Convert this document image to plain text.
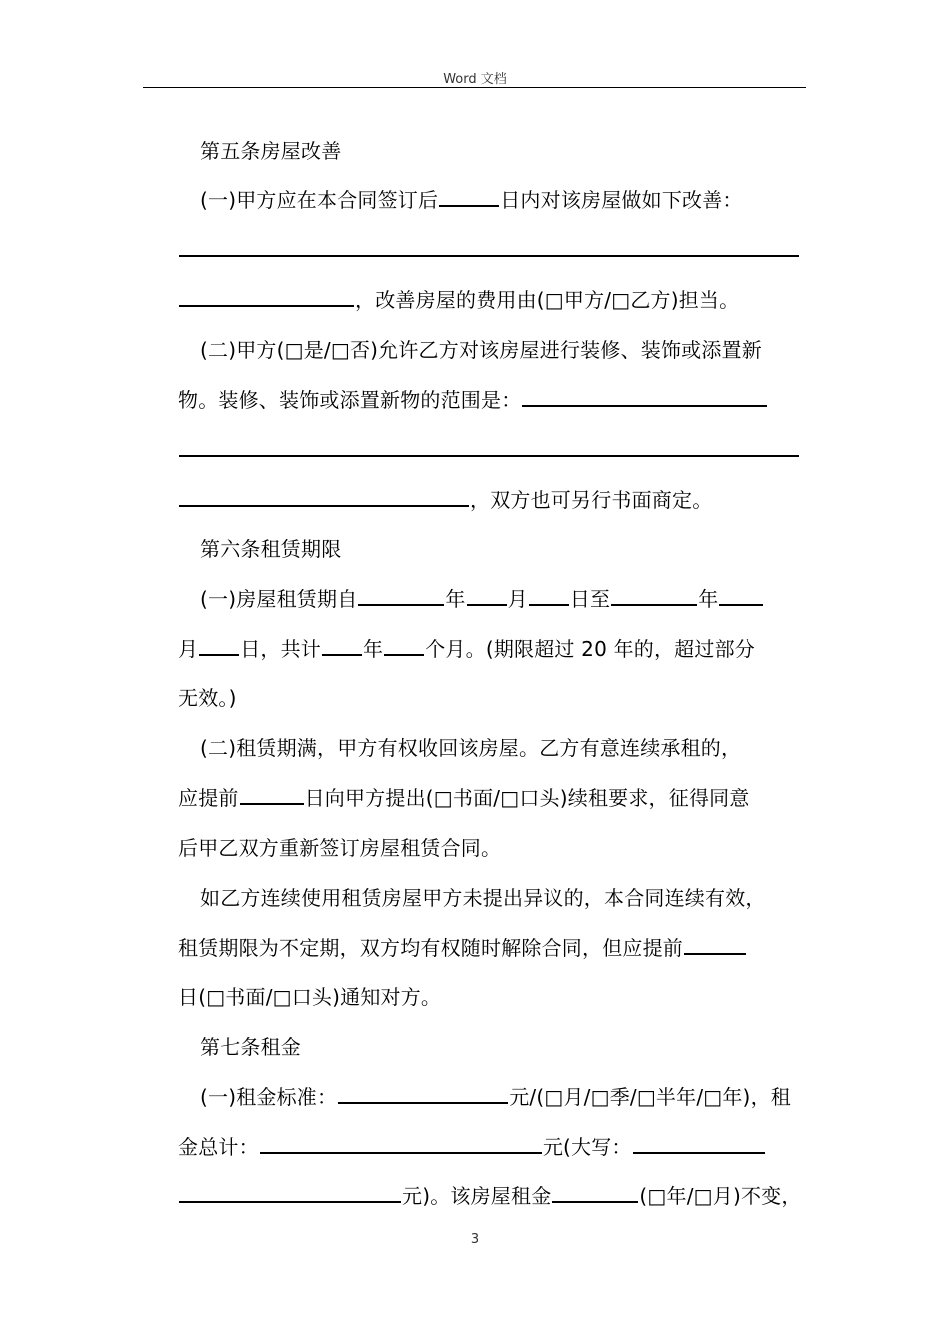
Word 文档
第五条房屋改善
(一)甲方应在本合同签订后	日内对该房屋做如下改善：
，改善房屋的费用由(□甲方/□乙方)担当。
(二)甲方(□是/□否)允许乙方对该房屋进行装修、装饰或添置新
物。装修、装饰或添置新物的范围是：
，双方也可另行书面商定。
第六条租赁期限
(一)房屋租赁期自	年 月 日至	年
月 日，共计 年 个月。(期限超过 20 年的，超过部分
无效。)
(二)租赁期满，甲方有权收回该房屋。乙方有意连续承租的，
应提前	日向甲方提出(□书面/□口头)续租要求，征得同意
后甲乙双方重新签订房屋租赁合同。
如乙方连续使用租赁房屋甲方未提出异议的，本合同连续有效，
租赁期限为不定期，双方均有权随时解除合同，但应提前
日(□书面/□口头)通知对方。
第七条租金
(一)租金标准：	元/(□月/□季/□半年/□年)，租
金总计：	元(大写：
元)。该房屋租金	(□年/□月)不变，
3
